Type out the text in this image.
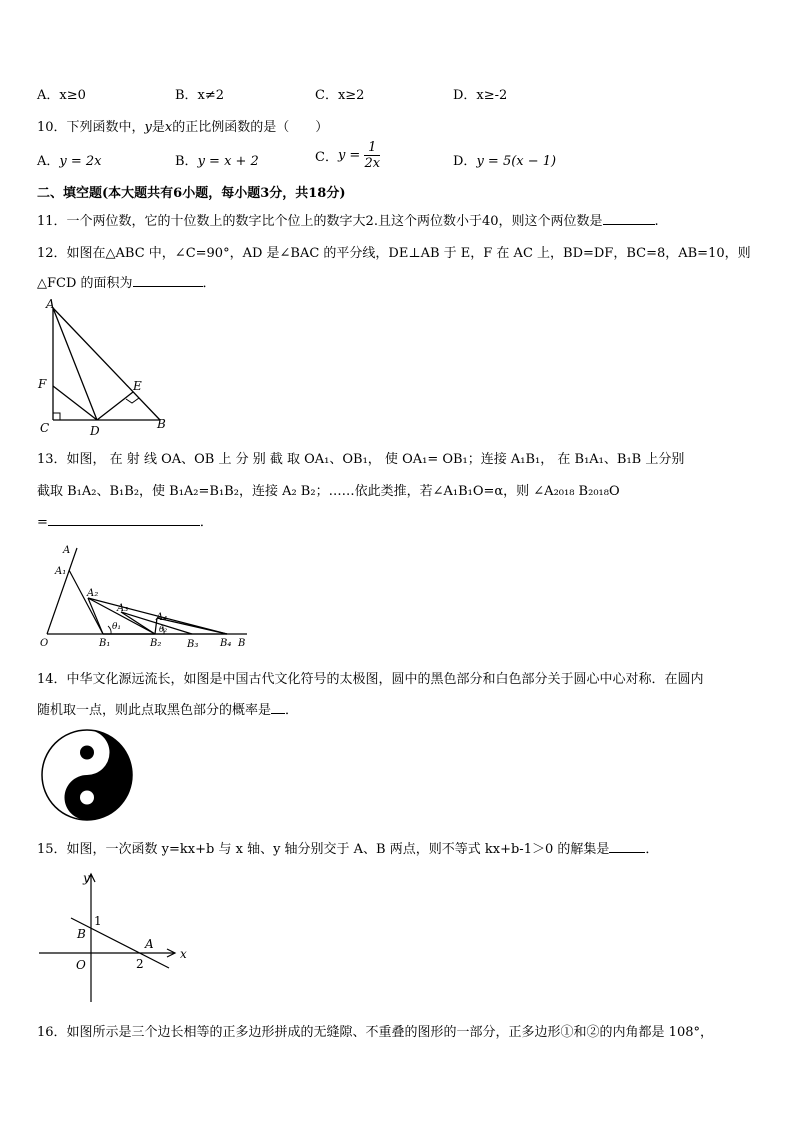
A．x≥0	B．x≠2	C．x≥2	D．x≥-2
10．下列函数中，y是x的正比例函数的是（　　）
A．y = 2x	B．y = x + 2	C．$y = \frac{1}{2x}$	D．y = 5(x − 1)
二、填空题(本大题共有6小题，每小题3分，共18分)
11．一个两位数，它的十位数上的数字比个位上的数字大2.且这个两位数小于40，则这个两位数是	.
12．如图在△ABC 中，∠C=90°，AD 是∠BAC 的平分线，DE⊥AB 于 E，F 在 AC 上，BD=DF，BC=8，AB=10，则
△FCD 的面积为	．
A
F	E
C	D	B
13．如图， 在 射 线 OA、OB 上 分 别 截 取 OA₁、OB₁， 使 OA₁= OB₁；连接 A₁B₁， 在 B₁A₁、B₁B 上分别
截取 B₁A₂、B₁B₂，使 B₁A₂=B₁B₂，连接 A₂ B₂；……依此类推，若∠A₁B₁O=α，则 ∠A₂₀₁₈ B₂₀₁₈O
=	．
A
A₁
A₂
A₃
A₄
θ₁	θ₂
O	B₁	B₂	B₃ B₄ B
14．中华文化源远流长，如图是中国古代文化符号的太极图，圆中的黑色部分和白色部分关于圆心中心对称．在圆内
随机取一点，则此点取黑色部分的概率是 ．
15．如图，一次函数 y=kx+b 与 x 轴、y 轴分别交于 A、B 两点，则不等式 kx+b-1＞0 的解集是	．
y
x
1
B
A
O	2
16．如图所示是三个边长相等的正多边形拼成的无缝隙、不重叠的图形的一部分，正多边形①和②的内角都是 108°，
